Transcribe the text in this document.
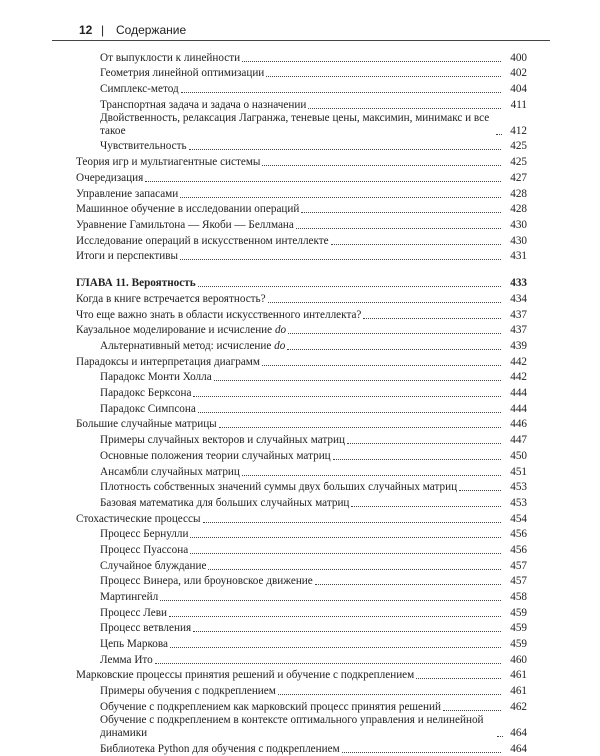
12 | Содержание
От выпуклости к линейности	400
Геометрия линейной оптимизации	402
Симплекс-метод	404
Транспортная задача и задача о назначении	411
Двойственность, релаксация Лагранжа, теневые цены, максимин, минимакс и все такое	412
Чувствительность	425
Теория игр и мультиагентные системы	425
Очередизация	427
Управление запасами	428
Машинное обучение в исследовании операций	428
Уравнение Гамильтона — Якоби — Беллмана	430
Исследование операций в искусственном интеллекте	430
Итоги и перспективы	431
ГЛАВА 11. Вероятность	433
Когда в книге встречается вероятность?	434
Что еще важно знать в области искусственного интеллекта?	437
Каузальное моделирование и исчисление do	437
Альтернативный метод: исчисление do	439
Парадоксы и интерпретация диаграмм	442
Парадокс Монти Холла	442
Парадокс Берксона	444
Парадокс Симпсона	444
Большие случайные матрицы	446
Примеры случайных векторов и случайных матриц	447
Основные положения теории случайных матриц	450
Ансамбли случайных матриц	451
Плотность собственных значений суммы двух больших случайных матриц	453
Базовая математика для больших случайных матриц	453
Стохастические процессы	454
Процесс Бернулли	456
Процесс Пуассона	456
Случайное блуждание	457
Процесс Винера, или броуновское движение	457
Мартингейл	458
Процесс Леви	459
Процесс ветвления	459
Цепь Маркова	459
Лемма Ито	460
Марковские процессы принятия решений и обучение с подкреплением	461
Примеры обучения с подкреплением	461
Обучение с подкреплением как марковский процесс принятия решений	462
Обучение с подкреплением в контексте оптимального управления и нелинейной динамики	464
Библиотека Python для обучения с подкреплением	464
